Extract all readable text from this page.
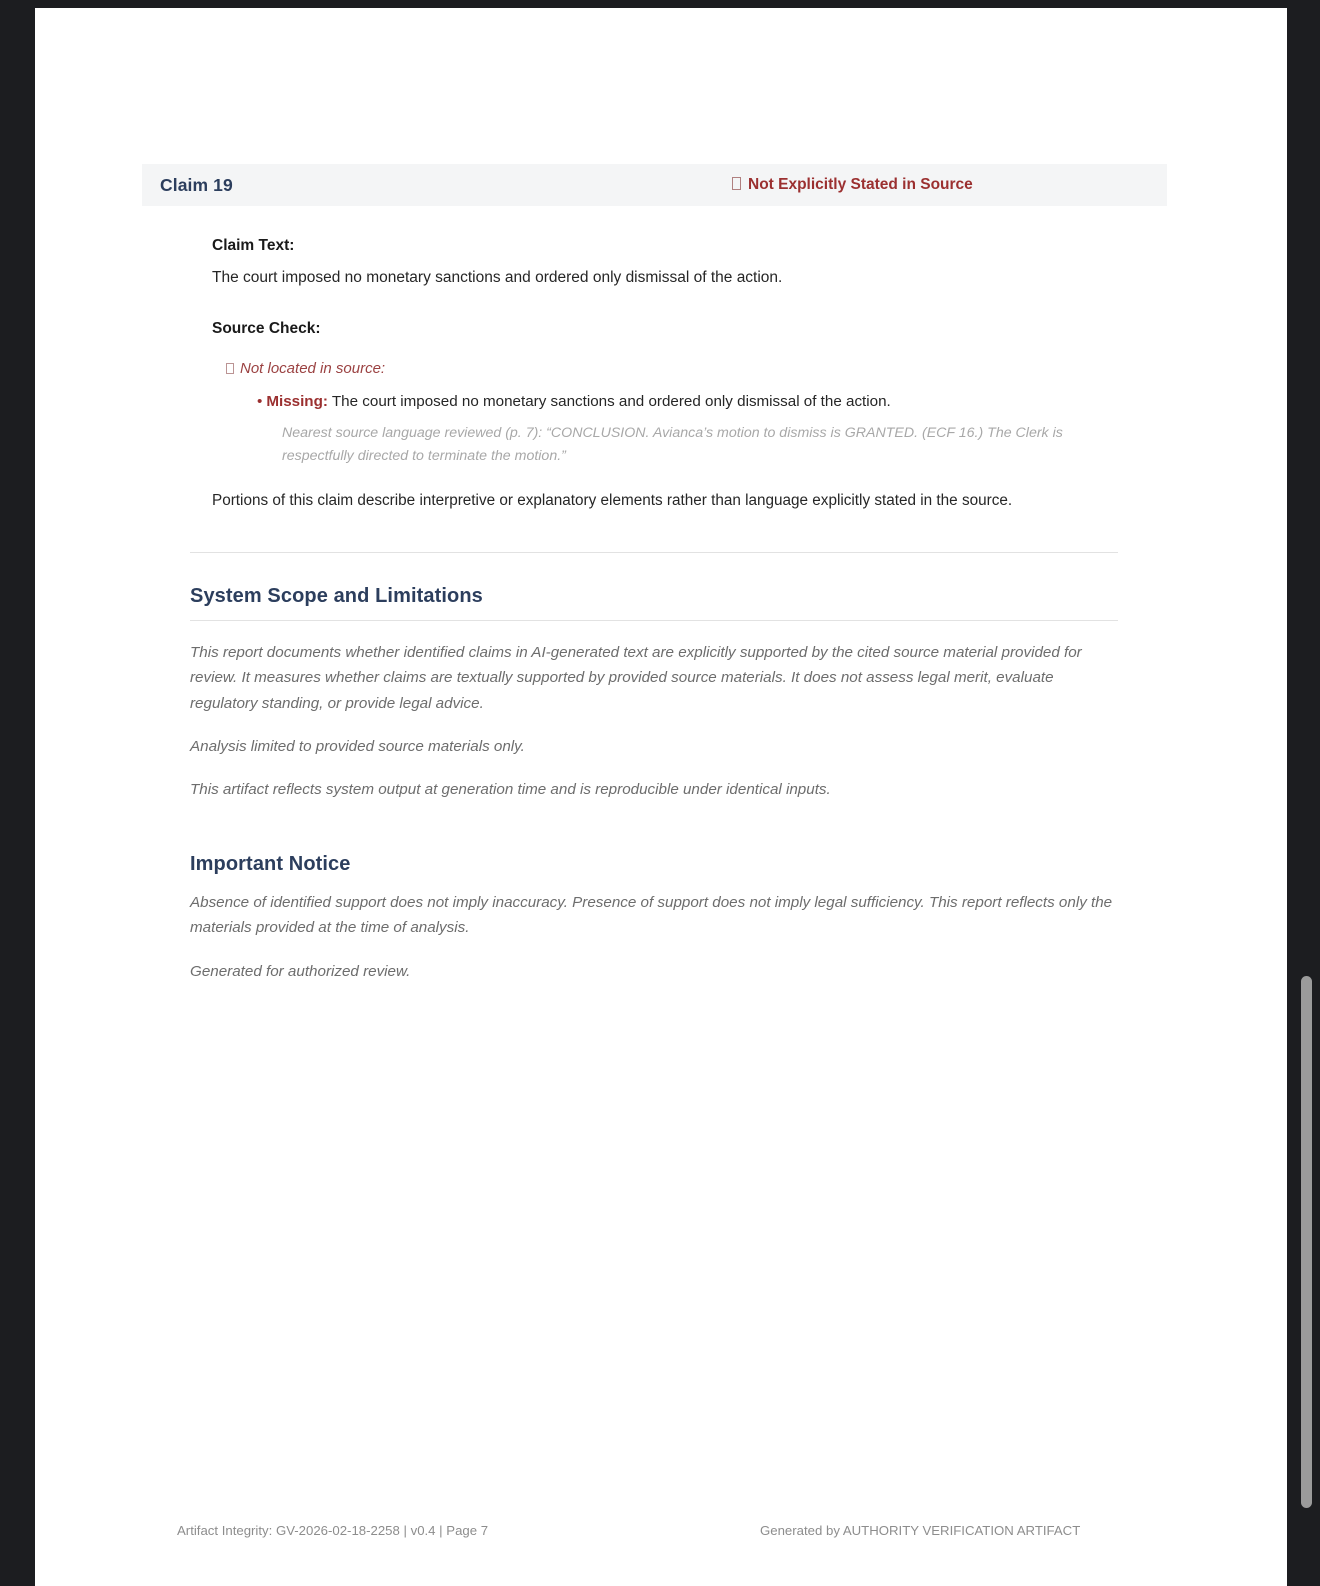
Claim 19	Not Explicitly Stated in Source

Claim Text:

The court imposed no monetary sanctions and ordered only dismissal of the action.

Source Check:

Not located in source:
• Missing: The court imposed no monetary sanctions and ordered only dismissal of the action.
Nearest source language reviewed (p. 7): “CONCLUSION. Avianca’s motion to dismiss is GRANTED. (ECF 16.) The Clerk is respectfully directed to terminate the motion.”

Portions of this claim describe interpretive or explanatory elements rather than language explicitly stated in the source.

System Scope and Limitations

This report documents whether identified claims in AI-generated text are explicitly supported by the cited source material provided for review. It measures whether claims are textually supported by provided source materials. It does not assess legal merit, evaluate regulatory standing, or provide legal advice.

Analysis limited to provided source materials only.

This artifact reflects system output at generation time and is reproducible under identical inputs.

Important Notice

Absence of identified support does not imply inaccuracy. Presence of support does not imply legal sufficiency. This report reflects only the materials provided at the time of analysis.

Generated for authorized review.

Artifact Integrity: GV-2026-02-18-2258 | v0.4 | Page 7	Generated by AUTHORITY VERIFICATION ARTIFACT
